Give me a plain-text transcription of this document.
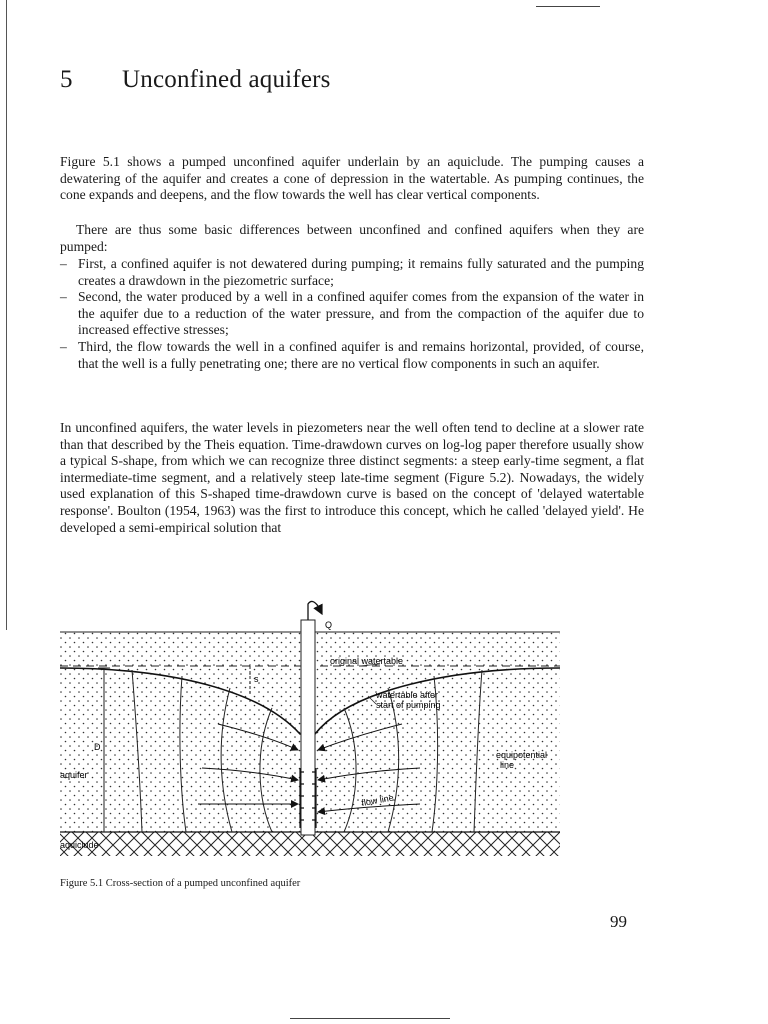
5 Unconfined aquifers

Figure 5.1 shows a pumped unconfined aquifer underlain by an aquiclude. The pumping causes a dewatering of the aquifer and creates a cone of depression in the watertable. As pumping continues, the cone expands and deepens, and the flow towards the well has clear vertical components.

There are thus some basic differences between unconfined and confined aquifers when they are pumped:

– First, a confined aquifer is not dewatered during pumping; it remains fully saturated and the pumping creates a drawdown in the piezometric surface;
– Second, the water produced by a well in a confined aquifer comes from the expansion of the water in the aquifer due to a reduction of the water pressure, and from the compaction of the aquifer due to increased effective stresses;
– Third, the flow towards the well in a confined aquifer is and remains horizontal, provided, of course, that the well is a fully penetrating one; there are no vertical flow components in such an aquifer.

In unconfined aquifers, the water levels in piezometers near the well often tend to decline at a slower rate than that described by the Theis equation. Time-drawdown curves on log-log paper therefore usually show a typical S-shape, from which we can recognize three distinct segments: a steep early-time segment, a flat intermediate-time segment, and a relatively steep late-time segment (Figure 5.2). Nowadays, the widely used explanation of this S-shaped time-drawdown curve is based on the concept of 'delayed watertable response'. Boulton (1954, 1963) was the first to introduce this concept, which he called 'delayed yield'. He developed a semi-empirical solution that

Q
original watertable
watertable after
start of pumping
s
D
aquifer
equipotential
line
flow line
aquiclude
Figure 5.1 Cross-section of a pumped unconfined aquifer
99
